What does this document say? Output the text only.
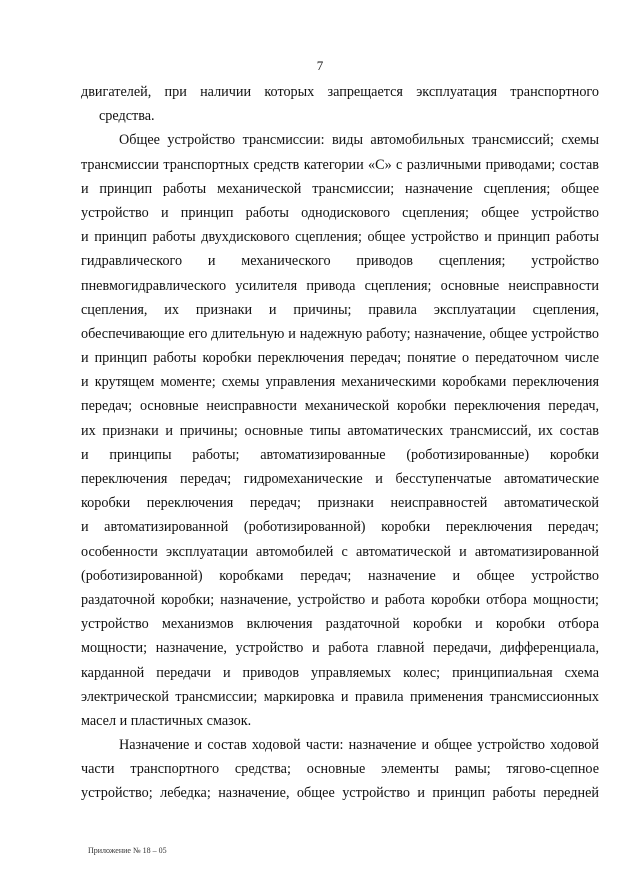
7
двигателей, при наличии которых запрещается эксплуатация транспортного
средства.
Общее устройство трансмиссии: виды автомобильных трансмиссий; схемы
трансмиссии транспортных средств категории «С» с различными приводами; состав
и принцип работы механической трансмиссии; назначение сцепления; общее
устройство и принцип работы однодискового сцепления; общее устройство
и принцип работы двухдискового сцепления; общее устройство и принцип работы
гидравлического и механического приводов сцепления; устройство
пневмогидравлического усилителя привода сцепления; основные неисправности
сцепления, их признаки и причины; правила эксплуатации сцепления,
обеспечивающие его длительную и надежную работу; назначение, общее устройство
и принцип работы коробки переключения передач; понятие о передаточном числе
и крутящем моменте; схемы управления механическими коробками переключения
передач; основные неисправности механической коробки переключения передач,
их признаки и причины; основные типы автоматических трансмиссий, их состав
и принципы работы; автоматизированные (роботизированные) коробки
переключения передач; гидромеханические и бесступенчатые автоматические
коробки переключения передач; признаки неисправностей автоматической
и автоматизированной (роботизированной) коробки переключения передач;
особенности эксплуатации автомобилей с автоматической и автоматизированной
(роботизированной) коробками передач; назначение и общее устройство
раздаточной коробки; назначение, устройство и работа коробки отбора мощности;
устройство механизмов включения раздаточной коробки и коробки отбора
мощности; назначение, устройство и работа главной передачи, дифференциала,
карданной передачи и приводов управляемых колес; принципиальная схема
электрической трансмиссии; маркировка и правила применения трансмиссионных
масел и пластичных смазок.
Назначение и состав ходовой части: назначение и общее устройство ходовой
части транспортного средства; основные элементы рамы; тягово-сцепное
устройство; лебедка; назначение, общее устройство и принцип работы передней
Приложение № 18 – 05
